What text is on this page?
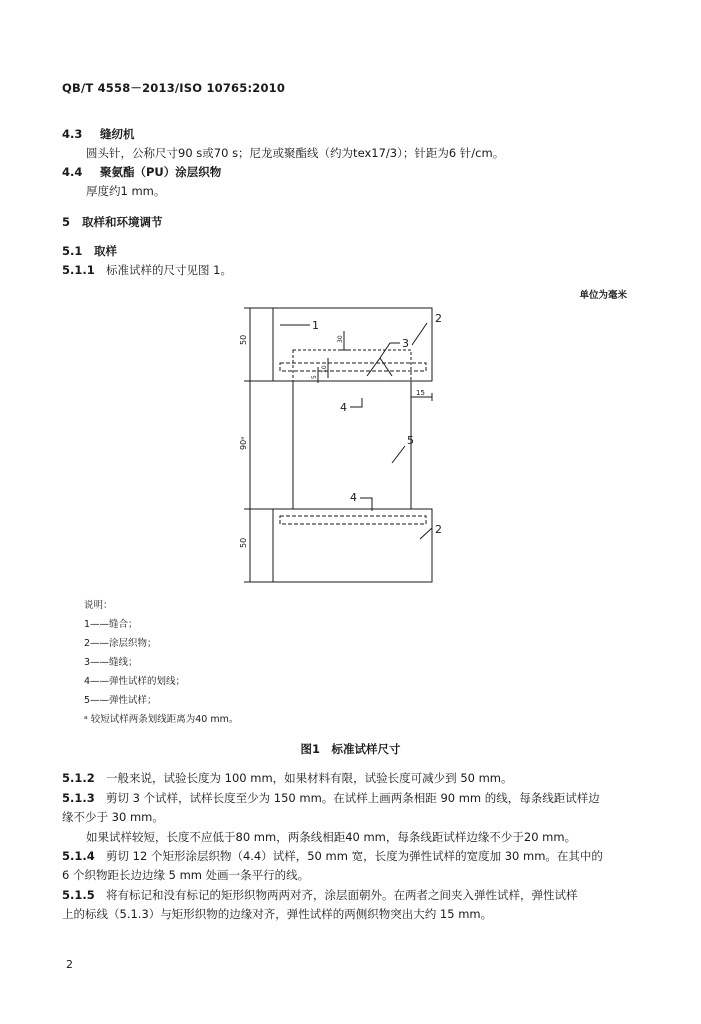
QB/T 4558－2013/ISO 10765:2010
4.3 缝纫机
圆头针，公称尺寸90 s或70 s；尼龙或聚酯线（约为tex17/3）；针距为6 针/cm。
4.4 聚氨酯（PU）涂层织物
厚度约1 mm。
5 取样和环境调节
5.1 取样
5.1.1 标准试样的尺寸见图 1。
单位为毫米
50
90ᵃ
50
30
10
5
15
1
2
3
4
5
4
2
说明：
1——缝合；
2——涂层织物；
3——缝线；
4——弹性试样的划线；
5——弹性试样；
ᵃ 较短试样两条划线距离为40 mm。
图1　标准试样尺寸
5.1.2 一般来说，试验长度为 100 mm，如果材料有限，试验长度可减少到 50 mm。
5.1.3 剪切 3 个试样，试样长度至少为 150 mm。在试样上画两条相距 90 mm 的线，每条线距试样边
缘不少于 30 mm。
如果试样较短，长度不应低于80 mm，两条线相距40 mm，每条线距试样边缘不少于20 mm。
5.1.4 剪切 12 个矩形涂层织物（4.4）试样，50 mm 宽，长度为弹性试样的宽度加 30 mm。在其中的
6 个织物距长边边缘 5 mm 处画一条平行的线。
5.1.5 将有标记和没有标记的矩形织物两两对齐，涂层面朝外。在两者之间夹入弹性试样，弹性试样
上的标线（5.1.3）与矩形织物的边缘对齐，弹性试样的两侧织物突出大约 15 mm。
2
